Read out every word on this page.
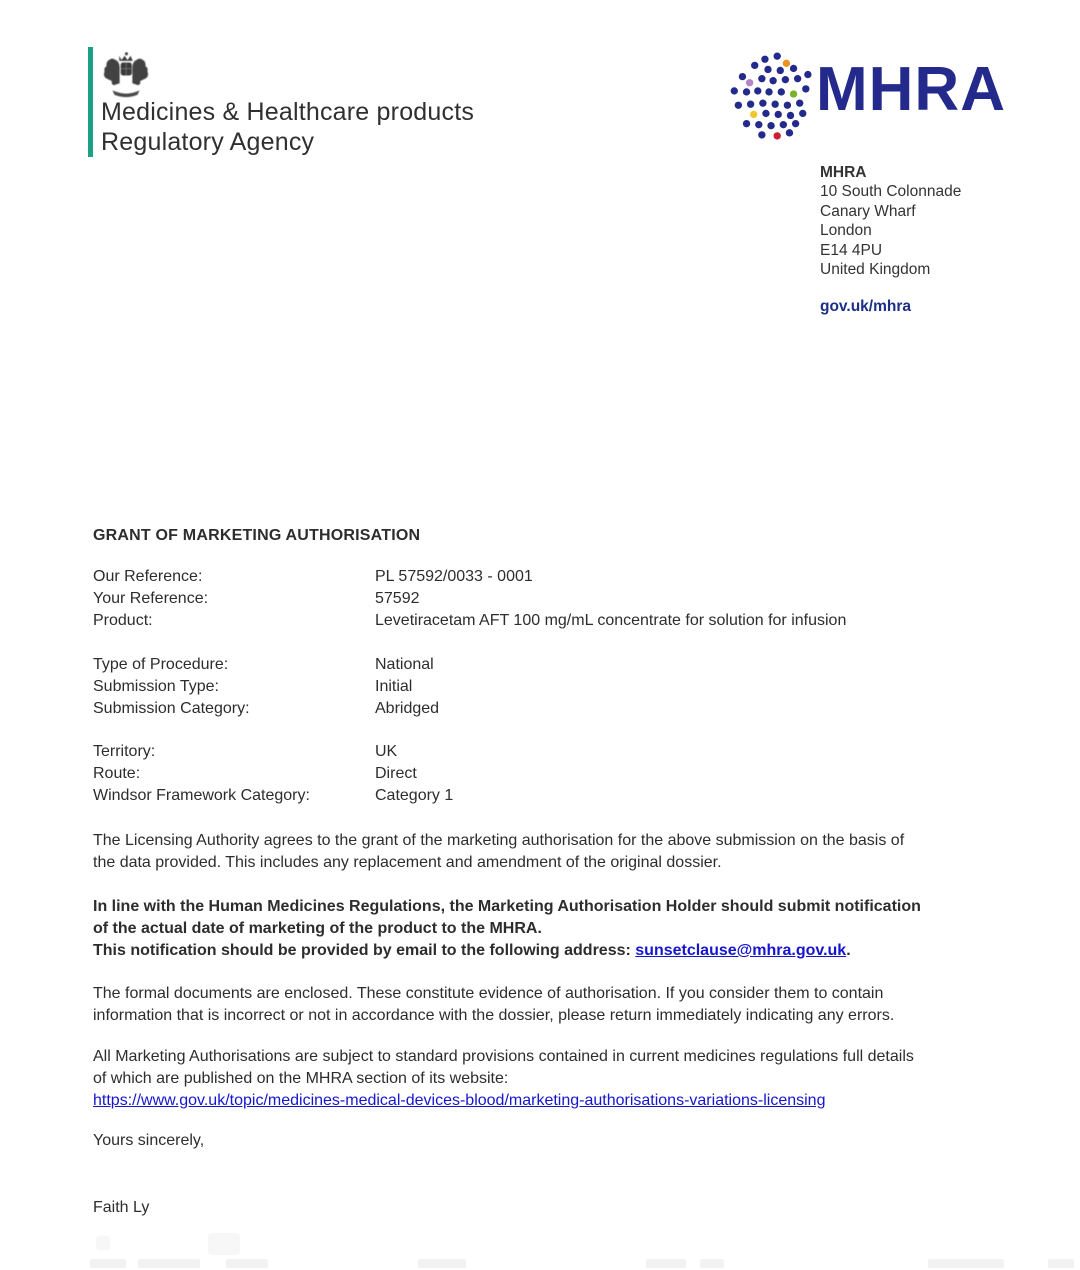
Medicines & Healthcare products
Regulatory Agency
MHRA
MHRA
10 South Colonnade
Canary Wharf
London
E14 4PU
United Kingdom
gov.uk/mhra
GRANT OF MARKETING AUTHORISATION
Our Reference:	PL 57592/0033 - 0001
Your Reference:	57592
Product:	Levetiracetam AFT 100 mg/mL concentrate for solution for infusion
Type of Procedure:	National
Submission Type:	Initial
Submission Category:	Abridged
Territory:	UK
Route:	Direct
Windsor Framework Category:	Category 1
The Licensing Authority agrees to the grant of the marketing authorisation for the above submission on the basis of
the data provided. This includes any replacement and amendment of the original dossier.
In line with the Human Medicines Regulations, the Marketing Authorisation Holder should submit notification
of the actual date of marketing of the product to the MHRA.
This notification should be provided by email to the following address: sunsetclause@mhra.gov.uk.
The formal documents are enclosed. These constitute evidence of authorisation. If you consider them to contain
information that is incorrect or not in accordance with the dossier, please return immediately indicating any errors.
All Marketing Authorisations are subject to standard provisions contained in current medicines regulations full details
of which are published on the MHRA section of its website:
https://www.gov.uk/topic/medicines-medical-devices-blood/marketing-authorisations-variations-licensing
Yours sincerely,
Faith Ly
